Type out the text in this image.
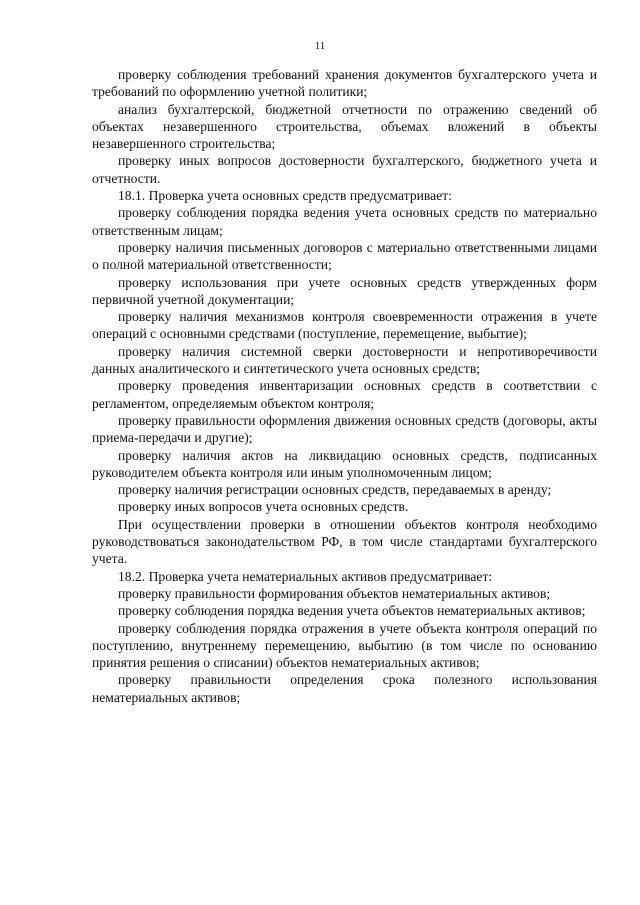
11

проверку соблюдения требований хранения документов бухгалтерского учета и требований по оформлению учетной политики;

анализ бухгалтерской, бюджетной отчетности по отражению сведений об объектах незавершенного строительства, объемах вложений в объекты незавершенного строительства;

проверку иных вопросов достоверности бухгалтерского, бюджетного учета и отчетности.

18.1. Проверка учета основных средств предусматривает:

проверку соблюдения порядка ведения учета основных средств по материально ответственным лицам;

проверку наличия письменных договоров с материально ответственными лицами о полной материальной ответственности;

проверку использования при учете основных средств утвержденных форм первичной учетной документации;

проверку наличия механизмов контроля своевременности отражения в учете операций с основными средствами (поступление, перемещение, выбытие);

проверку наличия системной сверки достоверности и непротиворечивости данных аналитического и синтетического учета основных средств;

проверку проведения инвентаризации основных средств в соответствии с регламентом, определяемым объектом контроля;

проверку правильности оформления движения основных средств (договоры, акты приема-передачи и другие);

проверку наличия актов на ликвидацию основных средств, подписанных руководителем объекта контроля или иным уполномоченным лицом;

проверку наличия регистрации основных средств, передаваемых в аренду;

проверку иных вопросов учета основных средств.

При осуществлении проверки в отношении объектов контроля необходимо руководствоваться законодательством РФ, в том числе стандартами бухгалтерского учета.

18.2. Проверка учета нематериальных активов предусматривает:

проверку правильности формирования объектов нематериальных активов;

проверку соблюдения порядка ведения учета объектов нематериальных активов;

проверку соблюдения порядка отражения в учете объекта контроля операций по поступлению, внутреннему перемещению, выбытию (в том числе по основанию принятия решения о списании) объектов нематериальных активов;

проверку правильности определения срока полезного использования нематериальных активов;
